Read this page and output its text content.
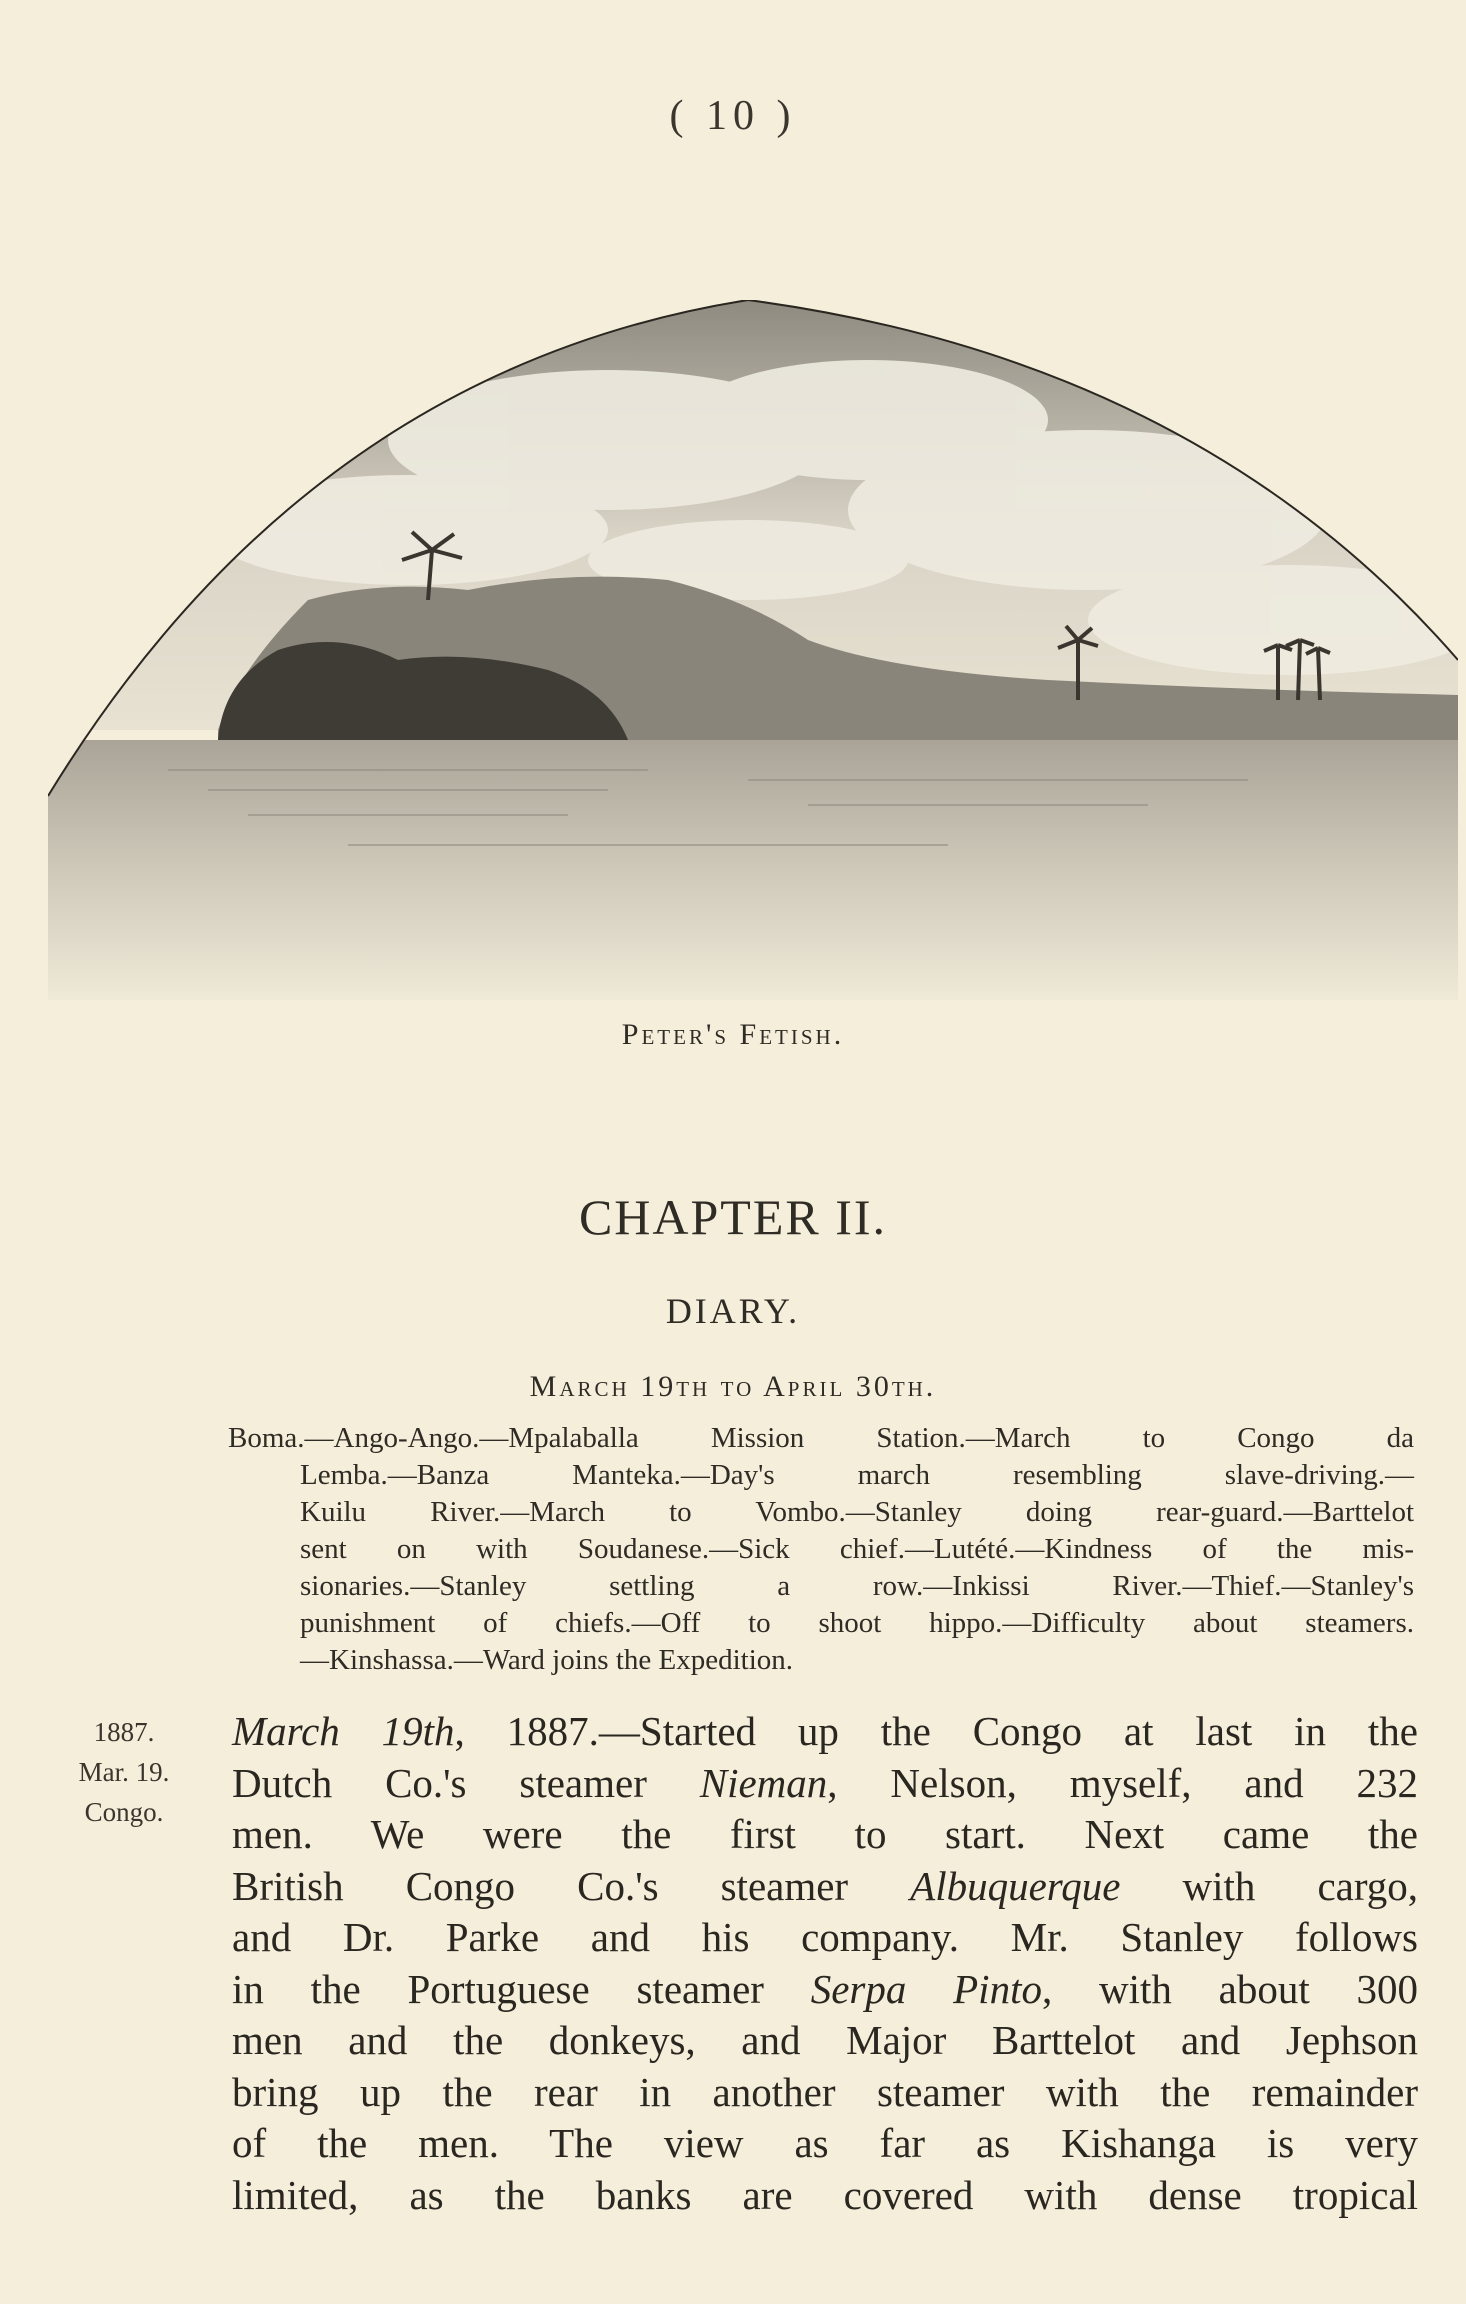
( 10 )
Peter's Fetish.
CHAPTER II.
DIARY.
March 19th to April 30th.
Boma.—Ango-Ango.—Mpalaballa Mission Station.—March to Congo da
Lemba.—Banza Manteka.—Day's march resembling slave-driving.—
Kuilu River.—March to Vombo.—Stanley doing rear-guard.—Barttelot
sent on with Soudanese.—Sick chief.—Lutété.—Kindness of the mis-
sionaries.—Stanley settling a row.—Inkissi River.—Thief.—Stanley's
punishment of chiefs.—Off to shoot hippo.—Difficulty about steamers.
—Kinshassa.—Ward joins the Expedition.
1887.
Mar. 19.
Congo.
March 19th, 1887.—Started up the Congo at last in the
Dutch Co.'s steamer Nieman, Nelson, myself, and 232
men. We were the first to start. Next came the
British Congo Co.'s steamer Albuquerque with cargo,
and Dr. Parke and his company. Mr. Stanley follows
in the Portuguese steamer Serpa Pinto, with about 300
men and the donkeys, and Major Barttelot and Jephson
bring up the rear in another steamer with the remainder
of the men. The view as far as Kishanga is very
limited, as the banks are covered with dense tropical
